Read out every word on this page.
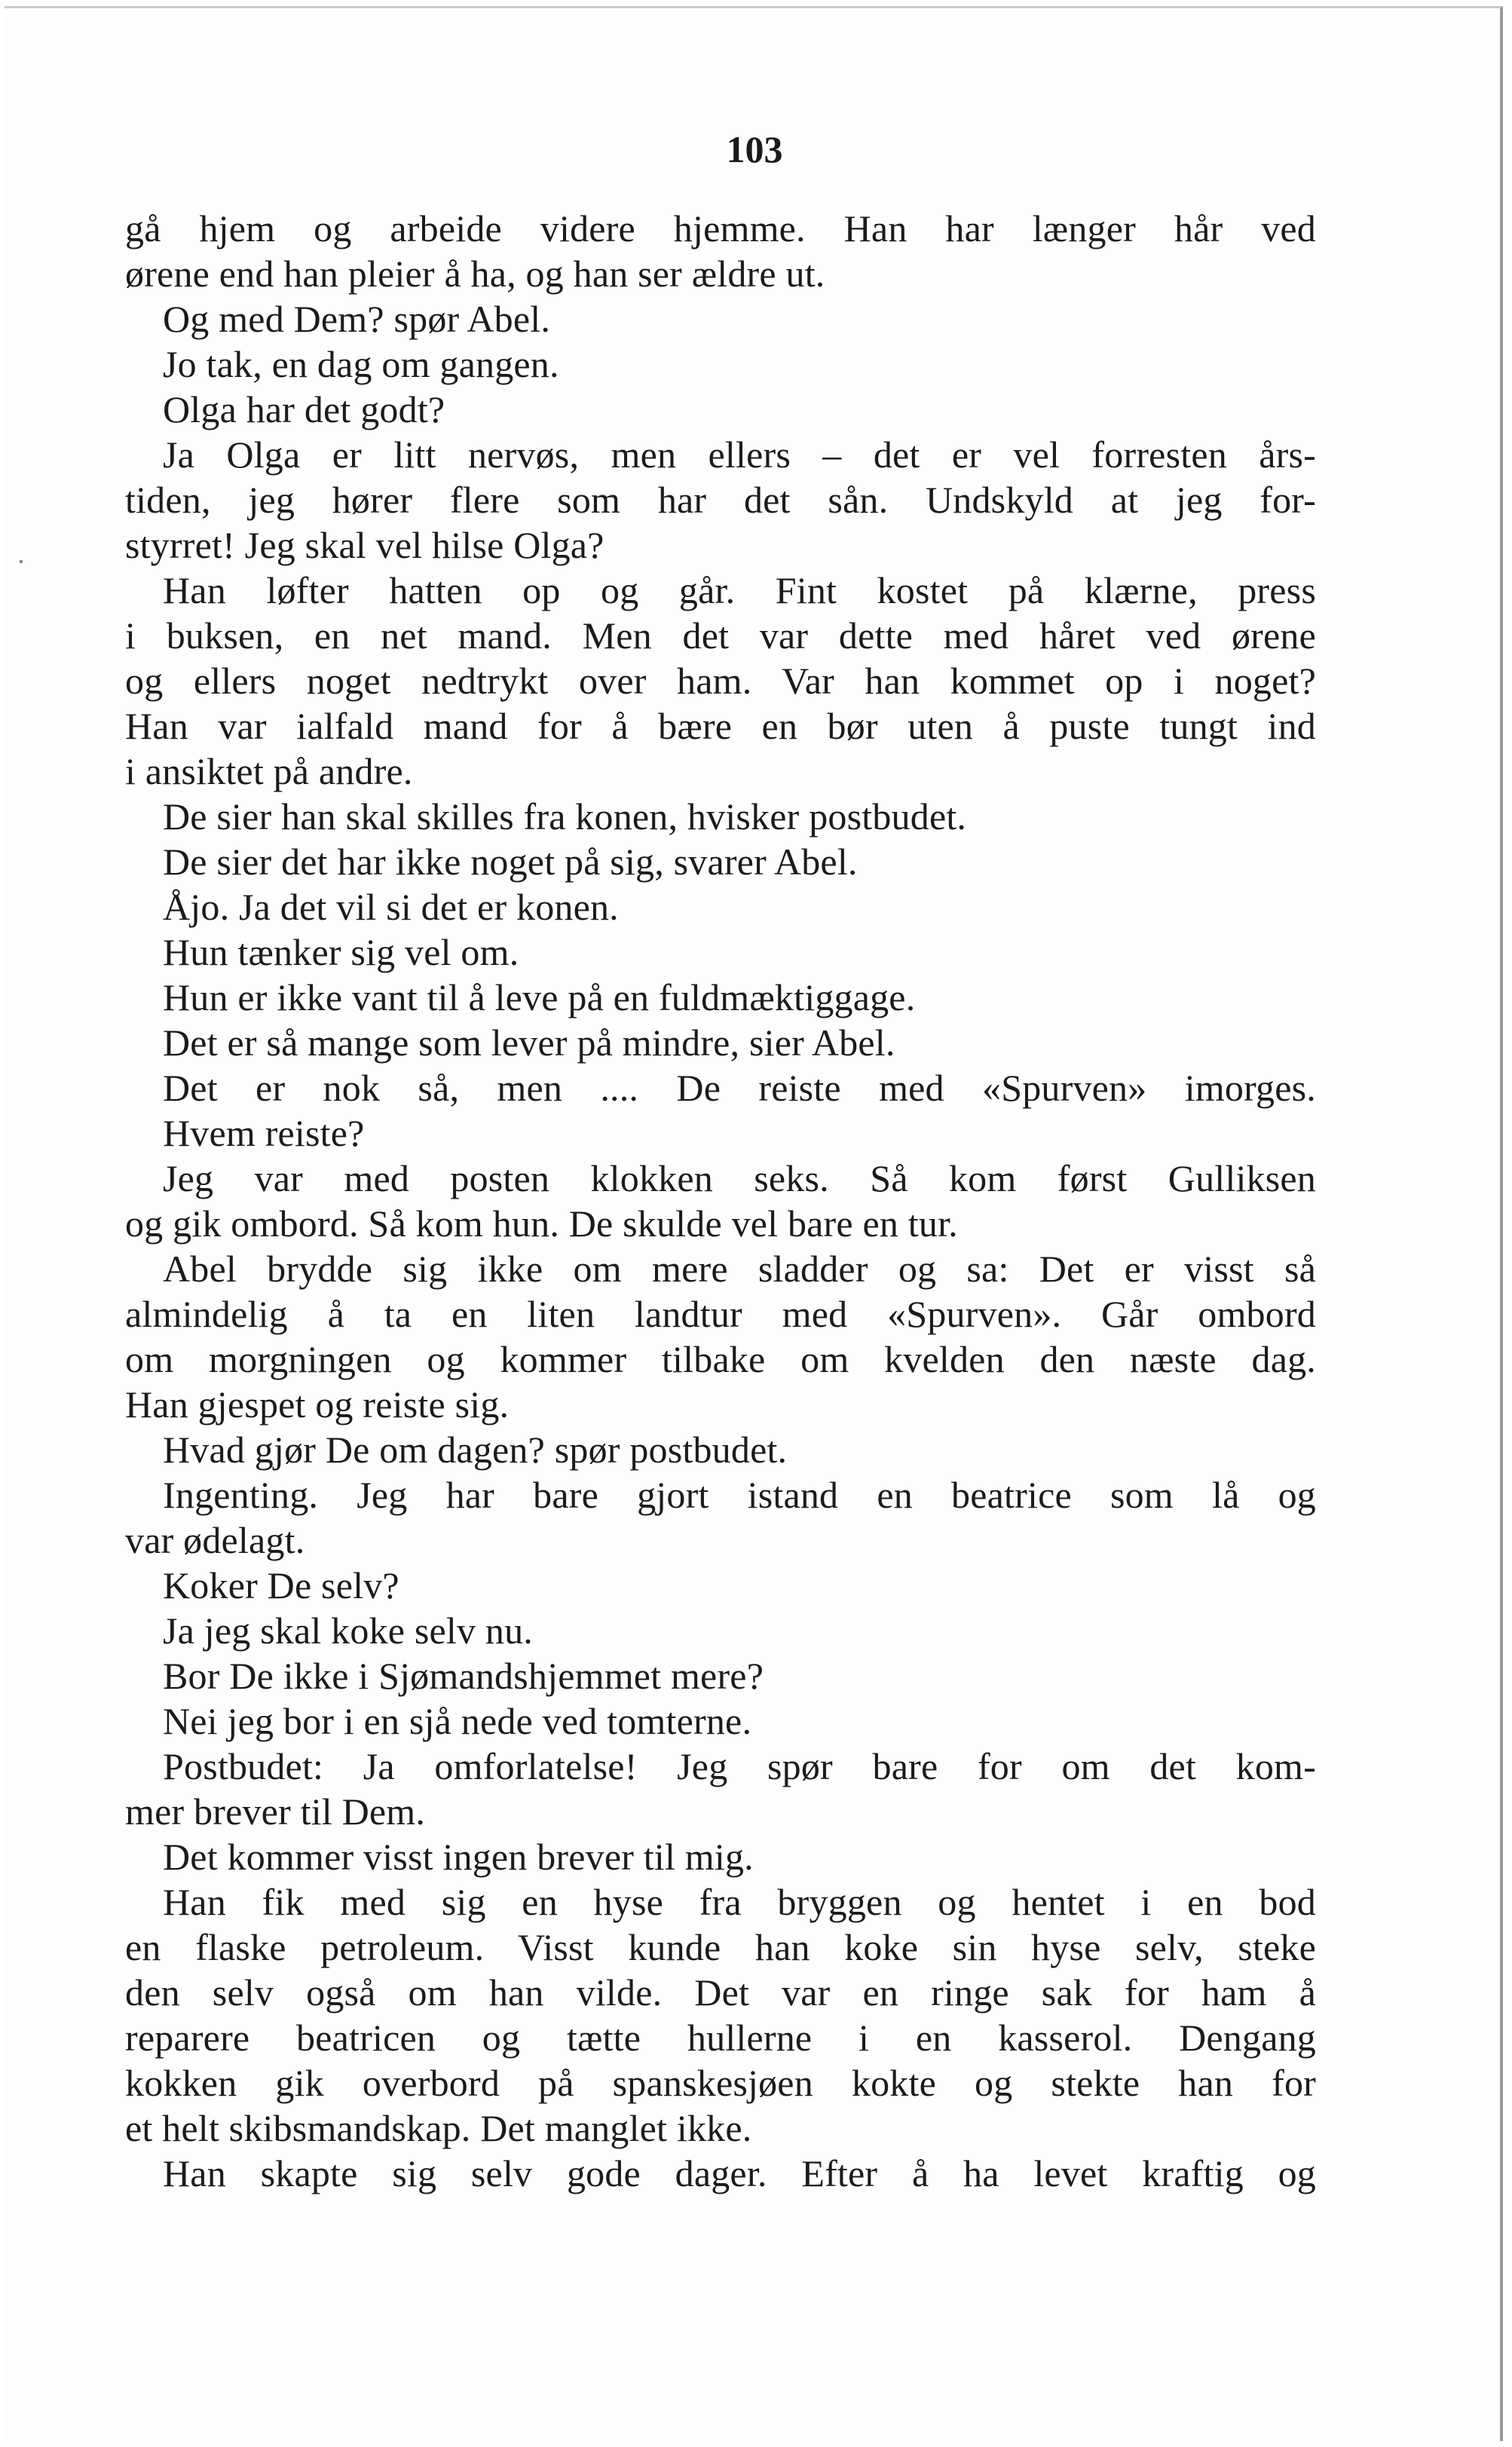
103
gå hjem og arbeide videre hjemme. Han har længer hår ved
ørene end han pleier å ha, og han ser ældre ut.
Og med Dem? spør Abel.
Jo tak, en dag om gangen.
Olga har det godt?
Ja Olga er litt nervøs, men ellers – det er vel forresten års-
tiden, jeg hører flere som har det sån. Undskyld at jeg for-
styrret! Jeg skal vel hilse Olga?
Han løfter hatten op og går. Fint kostet på klærne, press
i buksen, en net mand. Men det var dette med håret ved ørene
og ellers noget nedtrykt over ham. Var han kommet op i noget?
Han var ialfald mand for å bære en bør uten å puste tungt ind
i ansiktet på andre.
De sier han skal skilles fra konen, hvisker postbudet.
De sier det har ikke noget på sig, svarer Abel.
Åjo. Ja det vil si det er konen.
Hun tænker sig vel om.
Hun er ikke vant til å leve på en fuldmæktiggage.
Det er så mange som lever på mindre, sier Abel.
Det er nok så, men .... De reiste med «Spurven» imorges.
Hvem reiste?
Jeg var med posten klokken seks. Så kom først Gulliksen
og gik ombord. Så kom hun. De skulde vel bare en tur.
Abel brydde sig ikke om mere sladder og sa: Det er visst så
almindelig å ta en liten landtur med «Spurven». Går ombord
om morgningen og kommer tilbake om kvelden den næste dag.
Han gjespet og reiste sig.
Hvad gjør De om dagen? spør postbudet.
Ingenting. Jeg har bare gjort istand en beatrice som lå og
var ødelagt.
Koker De selv?
Ja jeg skal koke selv nu.
Bor De ikke i Sjømandshjemmet mere?
Nei jeg bor i en sjå nede ved tomterne.
Postbudet: Ja omforlatelse! Jeg spør bare for om det kom-
mer brever til Dem.
Det kommer visst ingen brever til mig.
Han fik med sig en hyse fra bryggen og hentet i en bod
en flaske petroleum. Visst kunde han koke sin hyse selv, steke
den selv også om han vilde. Det var en ringe sak for ham å
reparere beatricen og tætte hullerne i en kasserol. Dengang
kokken gik overbord på spanskesjøen kokte og stekte han for
et helt skibsmandskap. Det manglet ikke.
Han skapte sig selv gode dager. Efter å ha levet kraftig og
